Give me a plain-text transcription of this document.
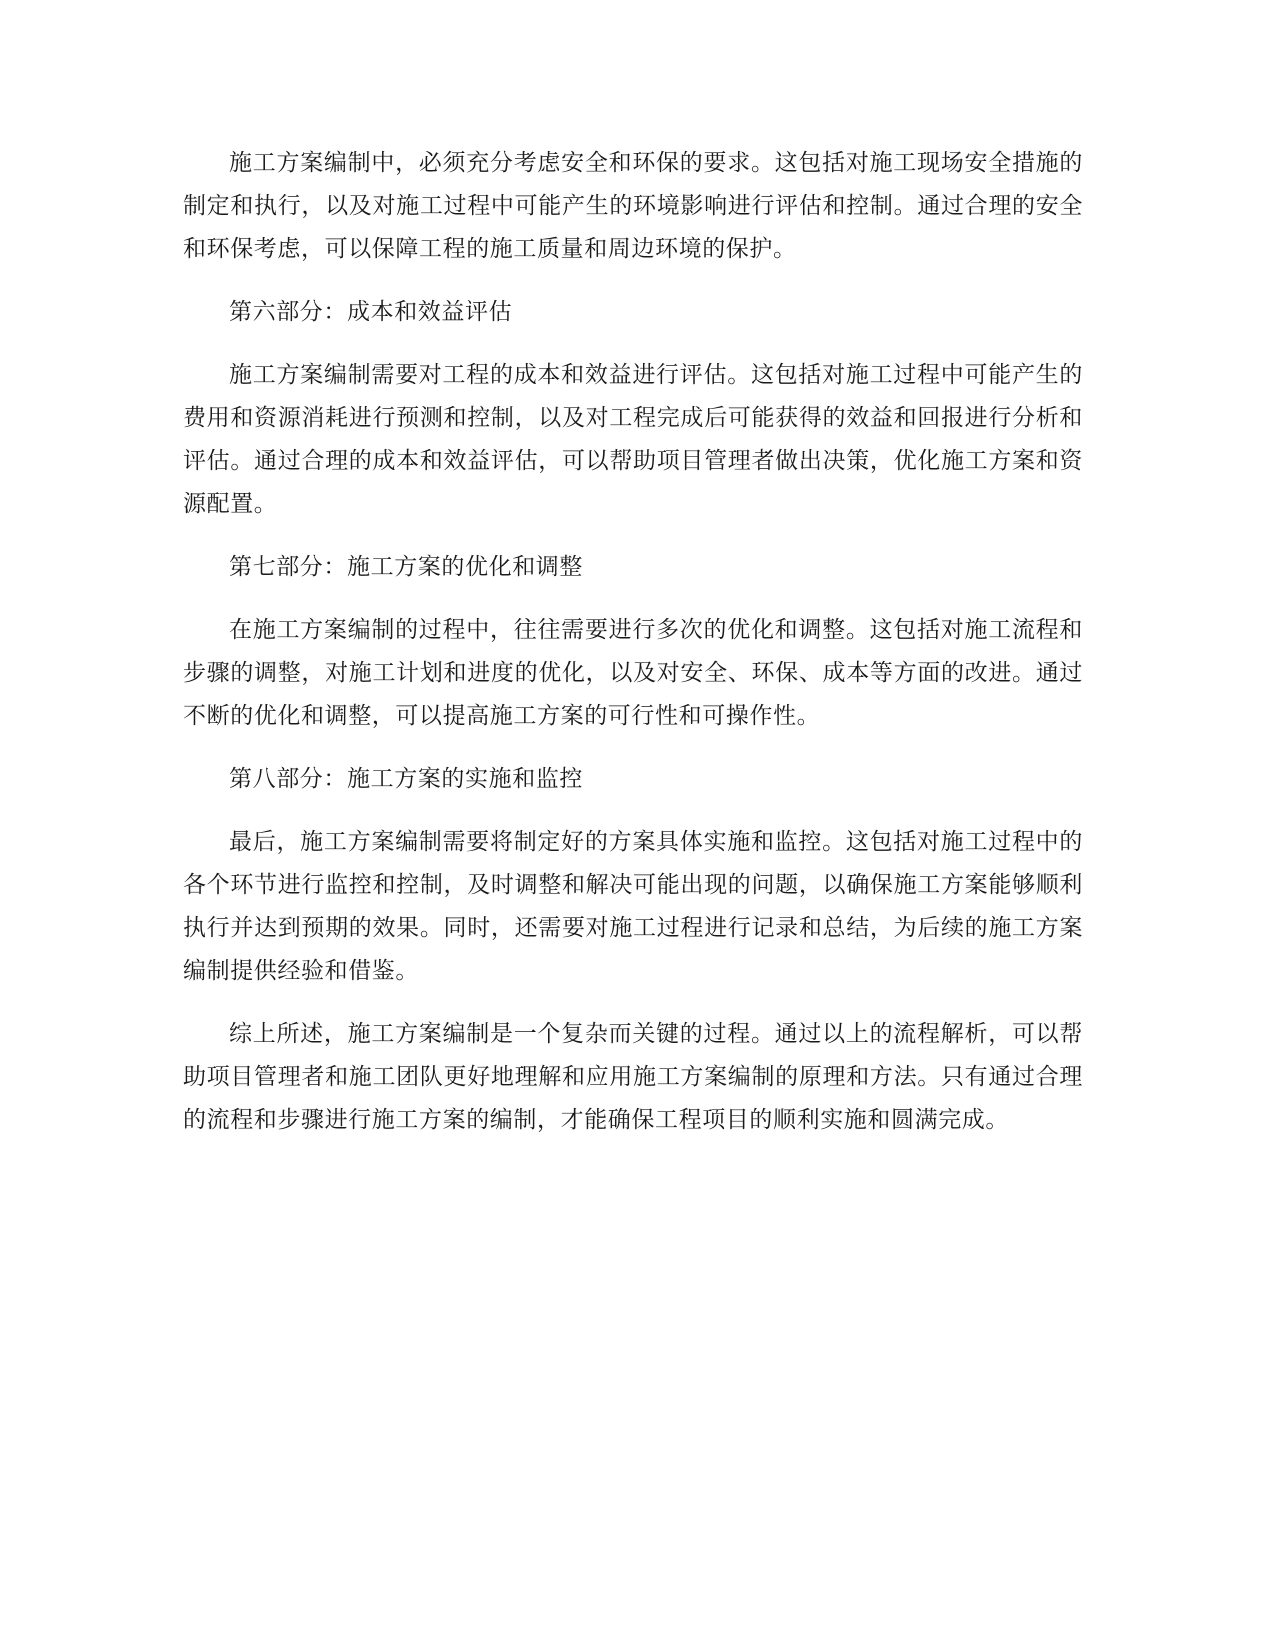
施工方案编制中，必须充分考虑安全和环保的要求。这包括对施工现场安全措施的制定和执行，以及对施工过程中可能产生的环境影响进行评估和控制。通过合理的安全和环保考虑，可以保障工程的施工质量和周边环境的保护。

第六部分：成本和效益评估

施工方案编制需要对工程的成本和效益进行评估。这包括对施工过程中可能产生的费用和资源消耗进行预测和控制，以及对工程完成后可能获得的效益和回报进行分析和评估。通过合理的成本和效益评估，可以帮助项目管理者做出决策，优化施工方案和资源配置。

第七部分：施工方案的优化和调整

在施工方案编制的过程中，往往需要进行多次的优化和调整。这包括对施工流程和步骤的调整，对施工计划和进度的优化，以及对安全、环保、成本等方面的改进。通过不断的优化和调整，可以提高施工方案的可行性和可操作性。

第八部分：施工方案的实施和监控

最后，施工方案编制需要将制定好的方案具体实施和监控。这包括对施工过程中的各个环节进行监控和控制，及时调整和解决可能出现的问题，以确保施工方案能够顺利执行并达到预期的效果。同时，还需要对施工过程进行记录和总结，为后续的施工方案编制提供经验和借鉴。

综上所述，施工方案编制是一个复杂而关键的过程。通过以上的流程解析，可以帮助项目管理者和施工团队更好地理解和应用施工方案编制的原理和方法。只有通过合理的流程和步骤进行施工方案的编制，才能确保工程项目的顺利实施和圆满完成。
